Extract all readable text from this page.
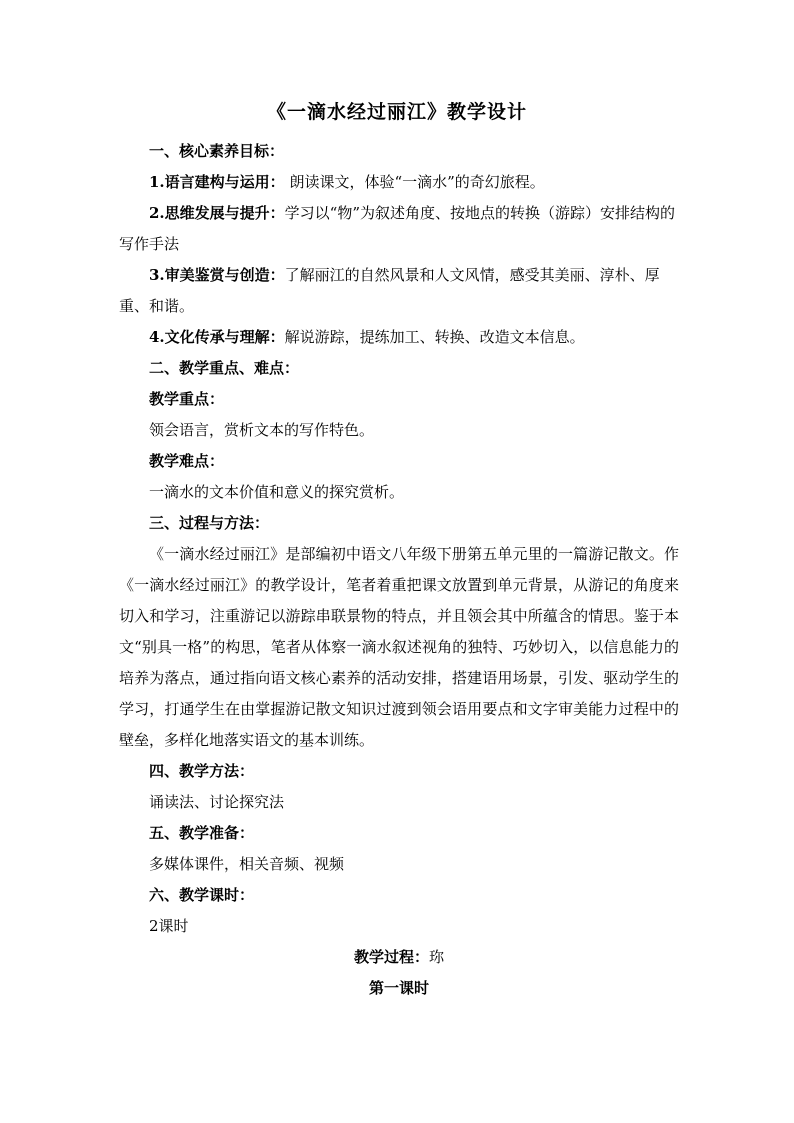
《一滴水经过丽江》教学设计

一、核心素养目标：

1.语言建构与运用： 朗读课文，体验“一滴水”的奇幻旅程。

2.思维发展与提升：学习以“物”为叙述角度、按地点的转换（游踪）安排结构的写作手法

3.审美鉴赏与创造：了解丽江的自然风景和人文风情，感受其美丽、淳朴、厚重、和谐。

4.文化传承与理解：解说游踪，提练加工、转换、改造文本信息。

二、教学重点、难点：

教学重点：

领会语言，赏析文本的写作特色。

教学难点：

一滴水的文本价值和意义的探究赏析。

三、过程与方法：

《一滴水经过丽江》是部编初中语文八年级下册第五单元里的一篇游记散文。作《一滴水经过丽江》的教学设计，笔者着重把课文放置到单元背景，从游记的角度来切入和学习，注重游记以游踪串联景物的特点，并且领会其中所蕴含的情思。鉴于本文“别具一格”的构思，笔者从体察一滴水叙述视角的独特、巧妙切入，以信息能力的培养为落点，通过指向语文核心素养的活动安排，搭建语用场景，引发、驱动学生的学习，打通学生在由掌握游记散文知识过渡到领会语用要点和文字审美能力过程中的壁垒，多样化地落实语文的基本训练。

四、教学方法：

诵读法、讨论探究法

五、教学准备：

多媒体课件，相关音频、视频

六、教学课时：

2课时

教学过程：珎

第一课时
